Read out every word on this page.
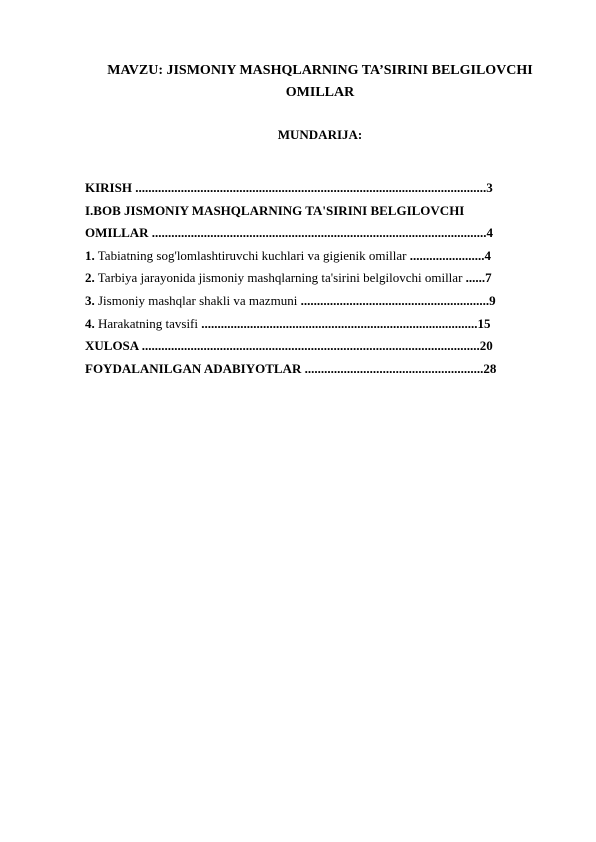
MAVZU: JISMONIY MASHQLARNING TA’SIRINI BELGILOVCHI
OMILLAR
MUNDARIJA:
KIRISH ............................................................................................................3
I.BOB JISMONIY MASHQLARNING TA'SIRINI BELGILOVCHI
OMILLAR .......................................................................................................4
1. Tabiatning sog'lomlashtiruvchi kuchlari va gigienik omillar .......................4
2. Tarbiya jarayonida jismoniy mashqlarning ta'sirini belgilovchi omillar ......7
3. Jismoniy mashqlar shakli va mazmuni ..........................................................9
4. Harakatning tavsifi .....................................................................................15
XULOSA ........................................................................................................20
FOYDALANILGAN ADABIYOTLAR .......................................................28
